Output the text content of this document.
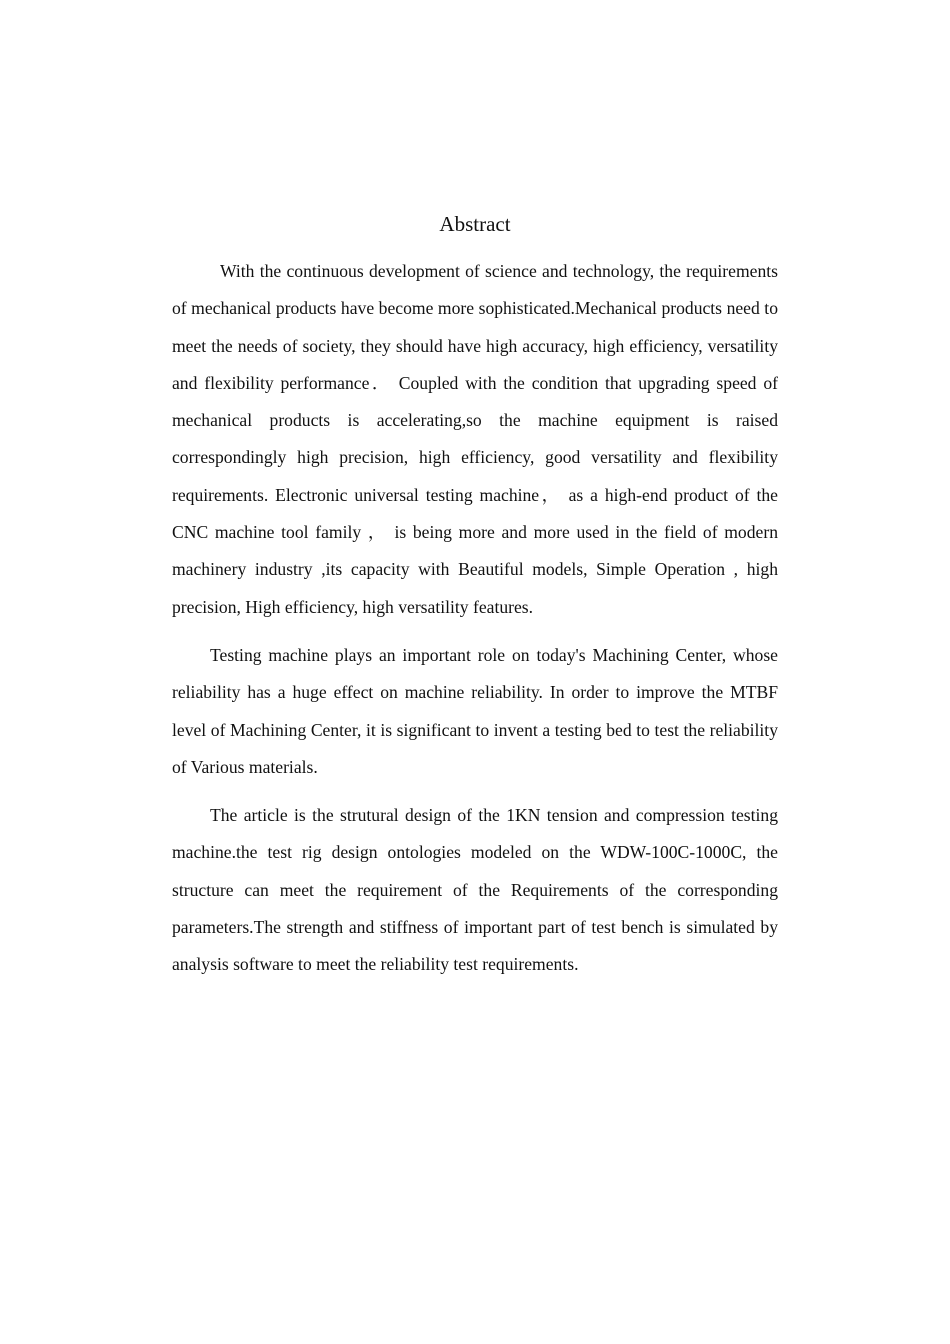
Abstract

With the continuous development of science and technology, the requirements of mechanical products have become more sophisticated.Mechanical products need to meet the needs of society, they should have high accuracy, high efficiency, versatility and flexibility performance． Coupled with the condition that upgrading speed of mechanical products is accelerating,so the machine equipment is raised correspondingly high precision, high efficiency, good versatility and flexibility requirements. Electronic universal testing machine， as a high-end product of the CNC machine tool family ， is being more and more used in the field of modern machinery industry ,its capacity with Beautiful models, Simple Operation , high precision, High efficiency, high versatility features.

Testing machine plays an important role on today's Machining Center, whose reliability has a huge effect on machine reliability. In order to improve the MTBF level of Machining Center, it is significant to invent a testing bed to test the reliability of Various materials.

The article is the strutural design of the 1KN tension and compression testing machine.the test rig design ontologies modeled on the WDW-100C-1000C, the structure can meet the requirement of the Requirements of the corresponding parameters.The strength and stiffness of important part of test bench is simulated by analysis software to meet the reliability test requirements.
